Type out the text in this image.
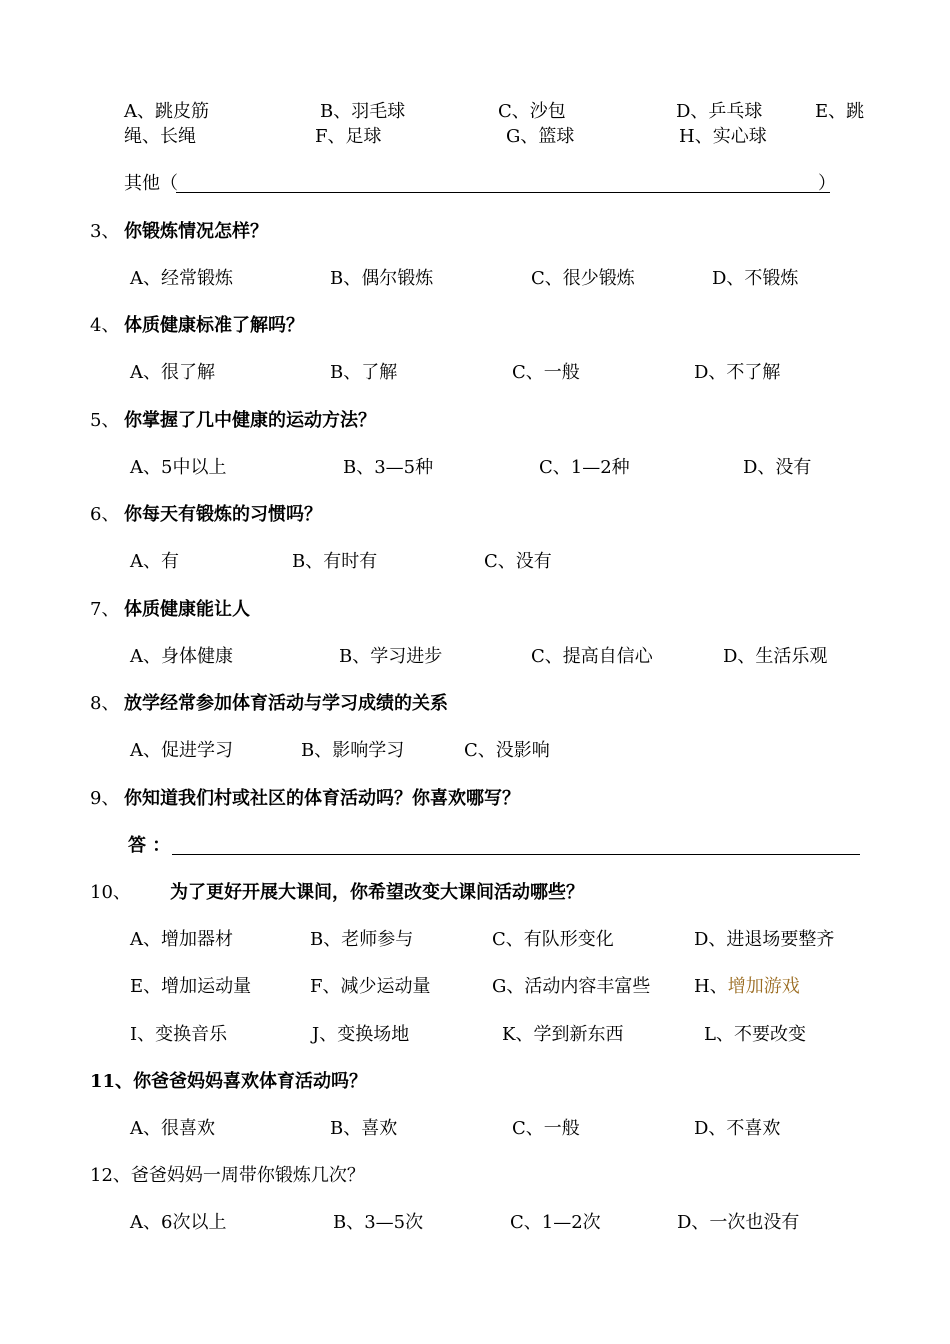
A、跳皮筋	B、羽毛球	C、沙包	D、乒乓球	E、跳
绳、长绳	F、足球	G、篮球	H、实心球
其他（	）
3、 你锻炼情况怎样？
A、经常锻炼	B、偶尔锻炼	C、很少锻炼	D、不锻炼
4、 体质健康标准了解吗？
A、很了解	B、了解	C、一般	D、不了解
5、 你掌握了几中健康的运动方法？
A、5中以上	B、3—5种	C、1—2种	D、没有
6、 你每天有锻炼的习惯吗？
A、有	B、有时有	C、没有
7、 体质健康能让人
A、身体健康	B、学习进步	C、提高自信心	D、生活乐观
8、 放学经常参加体育活动与学习成绩的关系
A、促进学习	B、影响学习	C、没影响
9、 你知道我们村或社区的体育活动吗？你喜欢哪写？
答 ：
10、 为了更好开展大课间，你希望改变大课间活动哪些？
A、增加器材	B、老师参与	C、有队形变化	D、进退场要整齐
E、增加运动量	F、减少运动量	G、活动内容丰富些 H、增加游戏
I、变换音乐	J、变换场地	K、学到新东西	L、不要改变
11、你爸爸妈妈喜欢体育活动吗？
A、很喜欢	B、喜欢	C、一般	D、不喜欢
12、爸爸妈妈一周带你锻炼几次？
A、6次以上	B、3—5次	C、1—2次	D、一次也没有
